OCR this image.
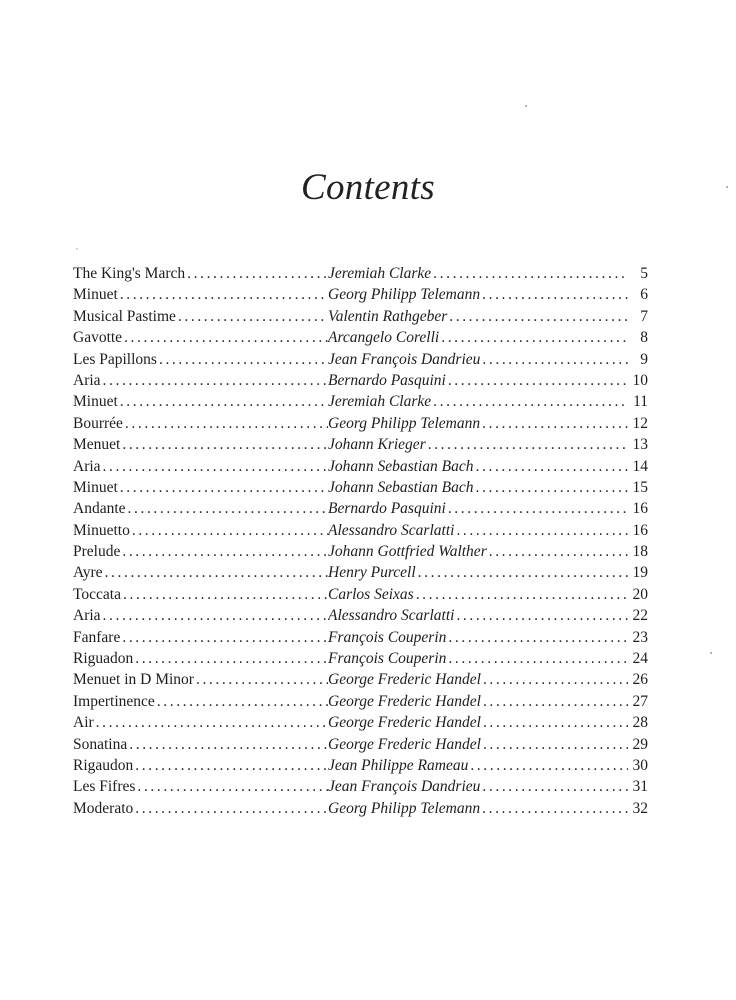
Contents
The King's March .....	Jeremiah Clarke .....	5
Minuet .....	Georg Philipp Telemann .....	6
Musical Pastime .....	Valentin Rathgeber .....	7
Gavotte .....	Arcangelo Corelli .....	8
Les Papillons .....	Jean François Dandrieu .....	9
Aria .....	Bernardo Pasquini .....	10
Minuet .....	Jeremiah Clarke .....	11
Bourrée .....	Georg Philipp Telemann .....	12
Menuet .....	Johann Krieger .....	13
Aria .....	Johann Sebastian Bach .....	14
Minuet .....	Johann Sebastian Bach .....	15
Andante .....	Bernardo Pasquini .....	16
Minuetto .....	Alessandro Scarlatti .....	16
Prelude .....	Johann Gottfried Walther .....	18
Ayre .....	Henry Purcell .....	19
Toccata .....	Carlos Seixas .....	20
Aria .....	Alessandro Scarlatti .....	22
Fanfare .....	François Couperin .....	23
Riguadon .....	François Couperin .....	24
Menuet in D Minor .....	George Frederic Handel .....	26
Impertinence .....	George Frederic Handel .....	27
Air .....	George Frederic Handel .....	28
Sonatina .....	George Frederic Handel .....	29
Rigaudon .....	Jean Philippe Rameau .....	30
Les Fifres .....	Jean François Dandrieu .....	31
Moderato .....	Georg Philipp Telemann .....	32
